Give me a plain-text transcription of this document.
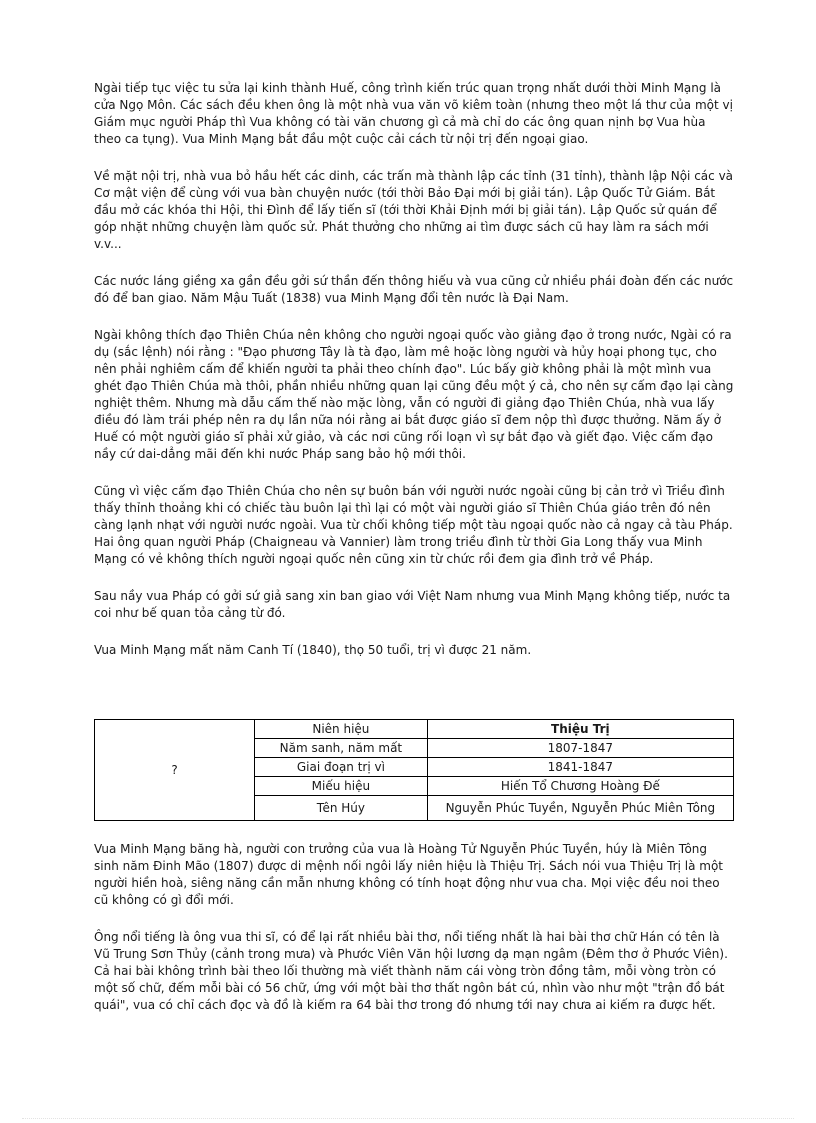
Ngài tiếp tục việc tu sửa lại kinh thành Huế, công trình kiến trúc quan trọng nhất dưới thời Minh Mạng là cửa Ngọ Môn. Các sách đều khen ông là một nhà vua văn võ kiêm toàn (nhưng theo một lá thư của một vị Giám mục người Pháp thì Vua không có tài văn chương gì cả mà chỉ do các ông quan nịnh bợ Vua hùa theo ca tụng). Vua Minh Mạng bắt đầu một cuộc cải cách từ nội trị đến ngoại giao.

Về mặt nội trị, nhà vua bỏ hầu hết các dinh, các trấn mà thành lập các tỉnh (31 tỉnh), thành lập Nội các và Cơ mật viện để cùng với vua bàn chuyện nước (tới thời Bảo Đại mới bị giải tán). Lập Quốc Tử Giám. Bắt đầu mở các khóa thi Hội, thi Đình để lấy tiến sĩ (tới thời Khải Định mới bị giải tán). Lập Quốc sử quán để góp nhặt những chuyện làm quốc sử. Phát thưởng cho những ai tìm được sách cũ hay làm ra sách mới v.v...

Các nước láng giềng xa gần đều gởi sứ thần đến thông hiếu và vua cũng cử nhiều phái đoàn đến các nước đó để ban giao. Năm Mậu Tuất (1838) vua Minh Mạng đổi tên nước là Đại Nam.

Ngài không thích đạo Thiên Chúa nên không cho người ngoại quốc vào giảng đạo ở trong nước, Ngài có ra dụ (sắc lệnh) nói rằng : "Đạo phương Tây là tà đạo, làm mê hoặc lòng người và hủy hoại phong tục, cho nên phải nghiêm cấm để khiến người ta phải theo chính đạo". Lúc bấy giờ không phải là một mình vua ghét đạo Thiên Chúa mà thôi, phần nhiều những quan lại cũng đều một ý cả, cho nên sự cấm đạo lại càng nghiệt thêm. Nhưng mà dẫu cấm thế nào mặc lòng, vẫn có người đi giảng đạo Thiên Chúa, nhà vua lấy điều đó làm trái phép nên ra dụ lần nữa nói rằng ai bắt được giáo sĩ đem nộp thì được thưởng. Năm ấy ở Huế có một người giáo sĩ phải xử giảo, và các nơi cũng rối loạn vì sự bắt đạo và giết đạo. Việc cấm đạo nầy cứ dai-dẳng mãi đến khi nước Pháp sang bảo hộ mới thôi.

Cũng vì việc cấm đạo Thiên Chúa cho nên sự buôn bán với người nước ngoài cũng bị cản trở vì Triều đình thấy thỉnh thoảng khi có chiếc tàu buôn lại thì lại có một vài người giáo sĩ Thiên Chúa giáo trên đó nên càng lạnh nhạt với người nước ngoài. Vua từ chối không tiếp một tàu ngoại quốc nào cả ngay cả tàu Pháp. Hai ông quan người Pháp (Chaigneau và Vannier) làm trong triều đình từ thời Gia Long thấy vua Minh Mạng có vẻ không thích người ngoại quốc nên cũng xin từ chức rồi đem gia đình trở về Pháp.

Sau nầy vua Pháp có gởi sứ giả sang xin ban giao với Việt Nam nhưng vua Minh Mạng không tiếp, nước ta coi như bế quan tỏa cảng từ đó.

Vua Minh Mạng mất năm Canh Tí (1840), thọ 50 tuổi, trị vì được 21 năm.

?	Niên hiệu	Thiệu Trị
	Năm sanh, năm mất	1807-1847
	Giai đoạn trị vì	1841-1847
	Miếu hiệu	Hiến Tổ Chương Hoàng Đế
	Tên Húy	Nguyễn Phúc Tuyền, Nguyễn Phúc Miên Tông

Vua Minh Mạng băng hà, người con trưởng của vua là Hoàng Tử Nguyễn Phúc Tuyền, húy là Miên Tông sinh năm Đinh Mão (1807) được di mệnh nối ngôi lấy niên hiệu là Thiệu Trị. Sách nói vua Thiệu Trị là một người hiền hoà, siêng năng cần mẫn nhưng không có tính hoạt động như vua cha. Mọi việc đều noi theo cũ không có gì đổi mới.

Ông nổi tiếng là ông vua thi sĩ, có để lại rất nhiều bài thơ, nổi tiếng nhất là hai bài thơ chữ Hán có tên là Vũ Trung Sơn Thủy (cảnh trong mưa) và Phước Viên Văn hội lương dạ mạn ngâm (Đêm thơ ở Phước Viên). Cả hai bài không trình bài theo lối thường mà viết thành năm cái vòng tròn đồng tâm, mỗi vòng tròn có một số chữ, đếm mỗi bài có 56 chữ, ứng với một bài thơ thất ngôn bát cú, nhìn vào như một "trận đồ bát quái", vua có chỉ cách đọc và đồ là kiếm ra 64 bài thơ trong đó nhưng tới nay chưa ai kiếm ra được hết.
